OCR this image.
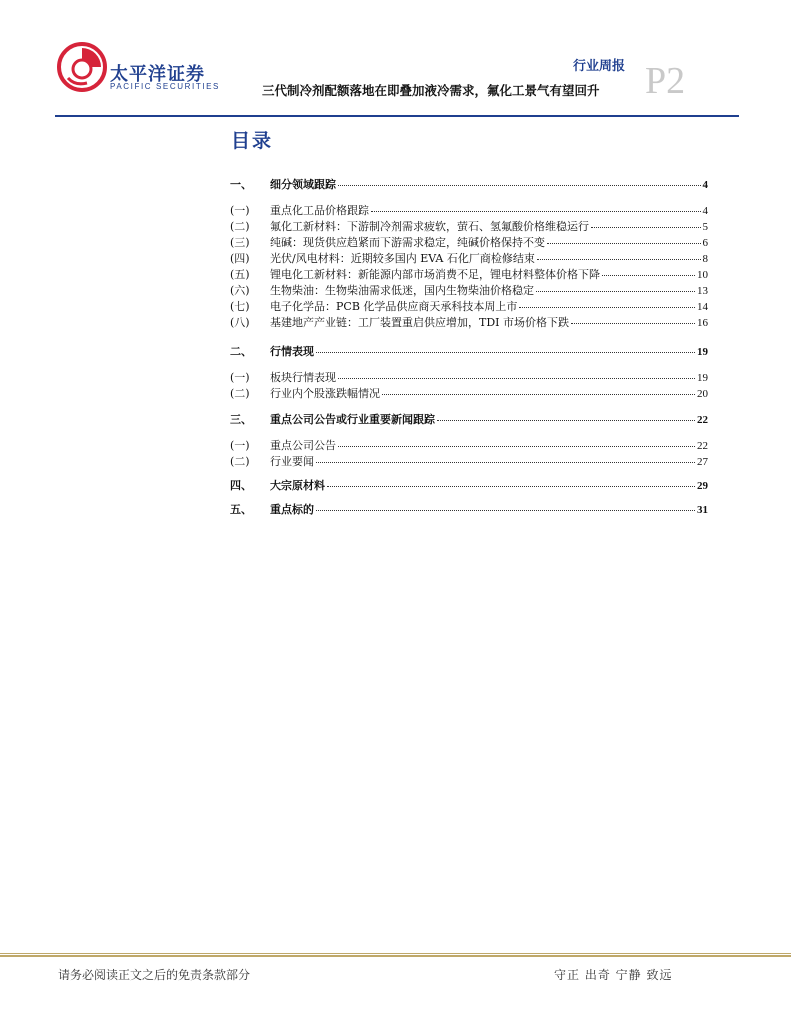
太平洋证券
PACIFIC SECURITIES
行业周报
三代制冷剂配额落地在即叠加液冷需求，氟化工景气有望回升 P2
目录
一、	细分领域跟踪	4
(一)	重点化工品价格跟踪	4
(二)	氟化工新材料：下游制冷剂需求疲软，萤石、氢氟酸价格维稳运行	5
(三)	纯碱：现货供应趋紧而下游需求稳定，纯碱价格保持不变	6
(四)	光伏/风电材料：近期较多国内 EVA 石化厂商检修结束	8
(五)	锂电化工新材料：新能源内部市场消费不足，锂电材料整体价格下降	10
(六)	生物柴油：生物柴油需求低迷，国内生物柴油价格稳定	13
(七)	电子化学品：PCB 化学品供应商天承科技本周上市	14
(八)	基建地产产业链：工厂装置重启供应增加，TDI 市场价格下跌	16
二、	行情表现	19
(一)	板块行情表现	19
(二)	行业内个股涨跌幅情况	20
三、	重点公司公告或行业重要新闻跟踪	22
(一)	重点公司公告	22
(二)	行业要闻	27
四、	大宗原材料	29
五、	重点标的	31
请务必阅读正文之后的免责条款部分	守正 出奇 宁静 致远
